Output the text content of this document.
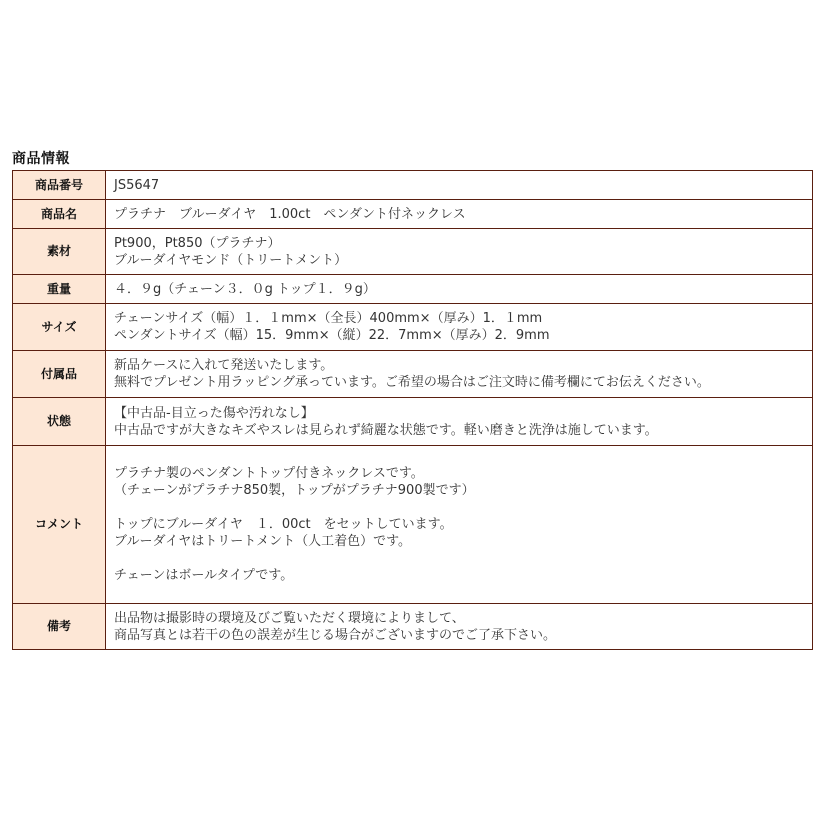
商品情報
商品番号	JS5647

商品名	プラチナ　ブルーダイヤ　1.00ct　ペンダント付ネックレス

素材	Pt900，Pt850（プラチナ）
ブルーダイヤモンド（トリートメント）

重量	４．９g（チェーン３．０g トップ１．９g）

サイズ	チェーンサイズ（幅）１．１mm×（全長）400mm×（厚み）1．１mm
ペンダントサイズ（幅）15．9mm×（縦）22．7mm×（厚み）2．9mm

付属品	新品ケースに入れて発送いたします。
無料でプレゼント用ラッピング承っています。ご希望の場合はご注文時に備考欄にてお伝えください。

状態	【中古品-目立った傷や汚れなし】
中古品ですが大きなキズやスレは見られず綺麗な状態です。軽い磨きと洗浄は施しています。

コメント	プラチナ製のペンダントトップ付きネックレスです。
（チェーンがプラチナ850製，トップがプラチナ900製です）
トップにブルーダイヤ　１．00ct　をセットしています。
ブルーダイヤはトリートメント（人工着色）です。
チェーンはボールタイプです。

備考	出品物は撮影時の環境及びご覧いただく環境によりまして、
商品写真とは若干の色の誤差が生じる場合がございますのでご了承下さい。
